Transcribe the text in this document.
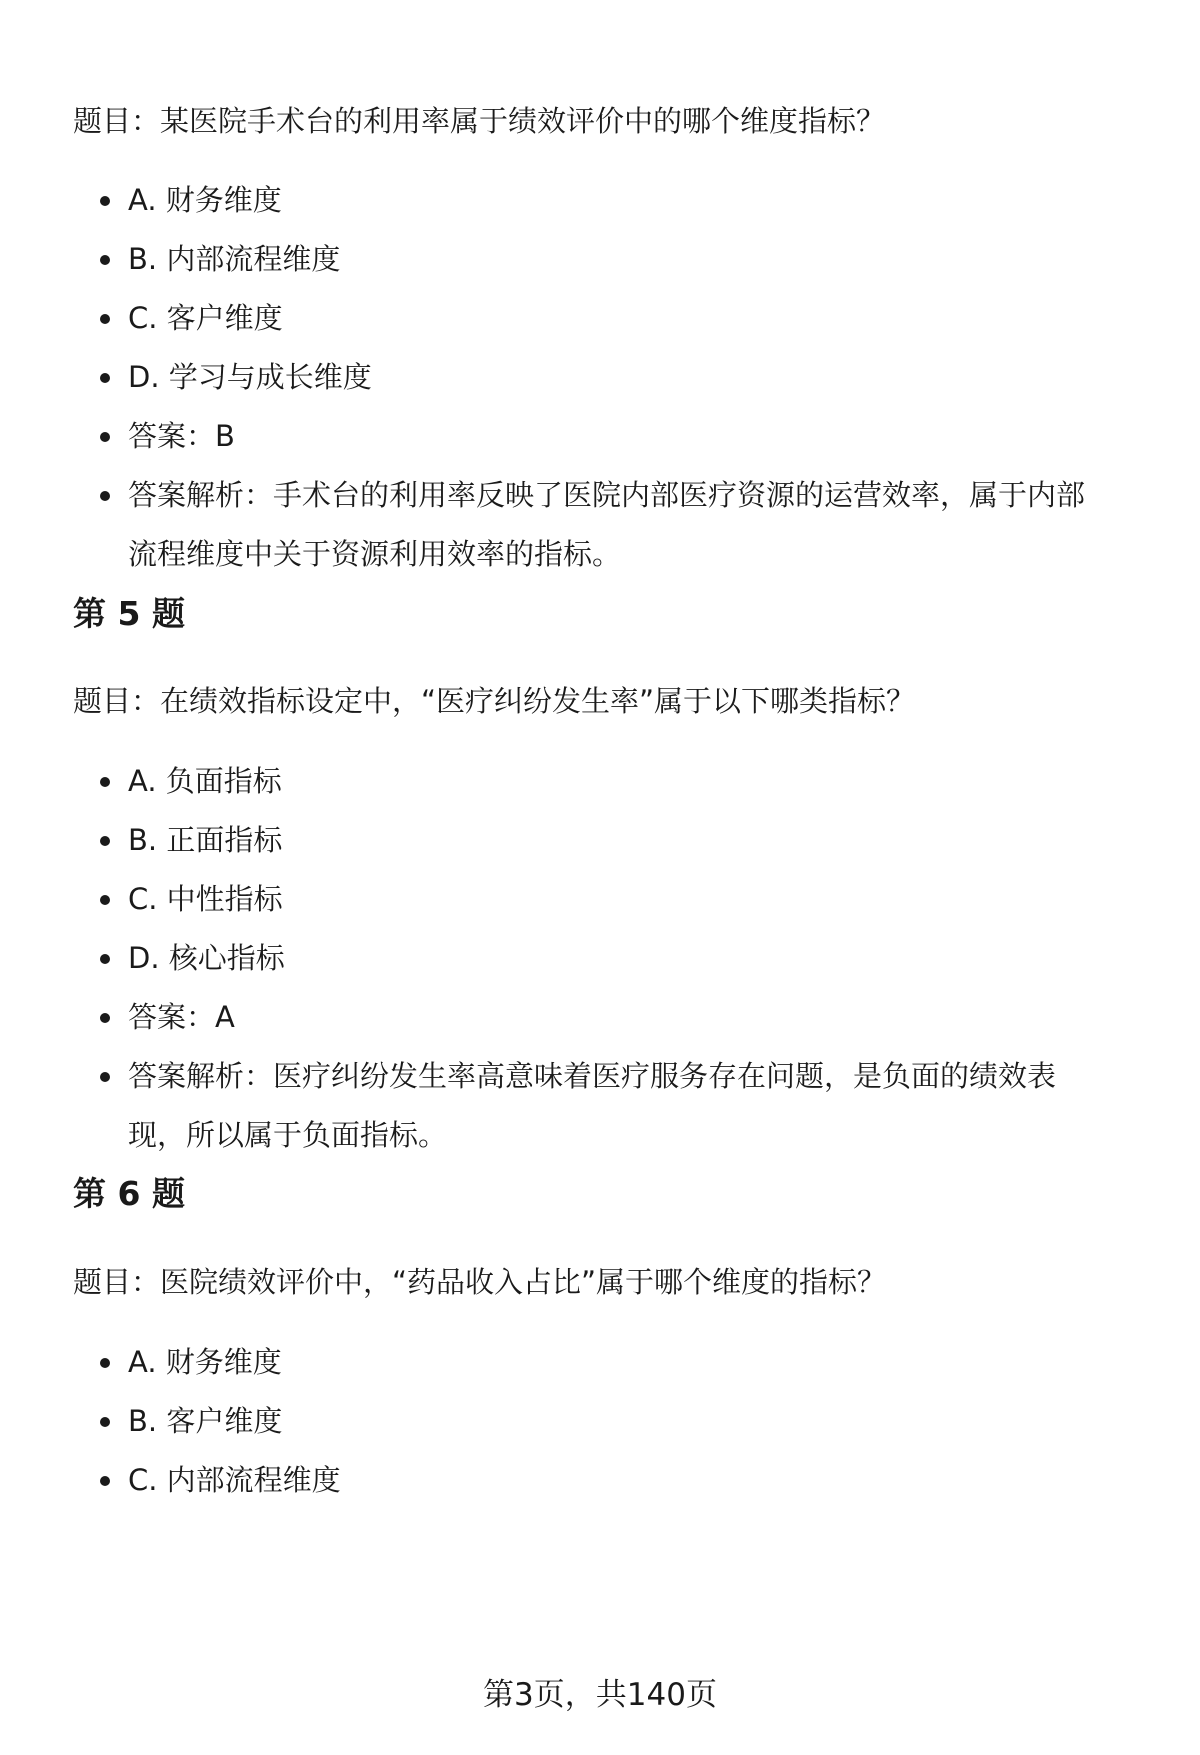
题目：某医院手术台的利用率属于绩效评价中的哪个维度指标？

A. 财务维度
B. 内部流程维度
C. 客户维度
D. 学习与成长维度
答案：B
答案解析：手术台的利用率反映了医院内部医疗资源的运营效率，属于内部流程维度中关于资源利用效率的指标。
第 5 题

题目：在绩效指标设定中，“医疗纠纷发生率”属于以下哪类指标？

A. 负面指标
B. 正面指标
C. 中性指标
D. 核心指标
答案：A
答案解析：医疗纠纷发生率高意味着医疗服务存在问题，是负面的绩效表现，所以属于负面指标。
第 6 题

题目：医院绩效评价中，“药品收入占比”属于哪个维度的指标？

A. 财务维度
B. 客户维度
C. 内部流程维度
第3页，共140页
